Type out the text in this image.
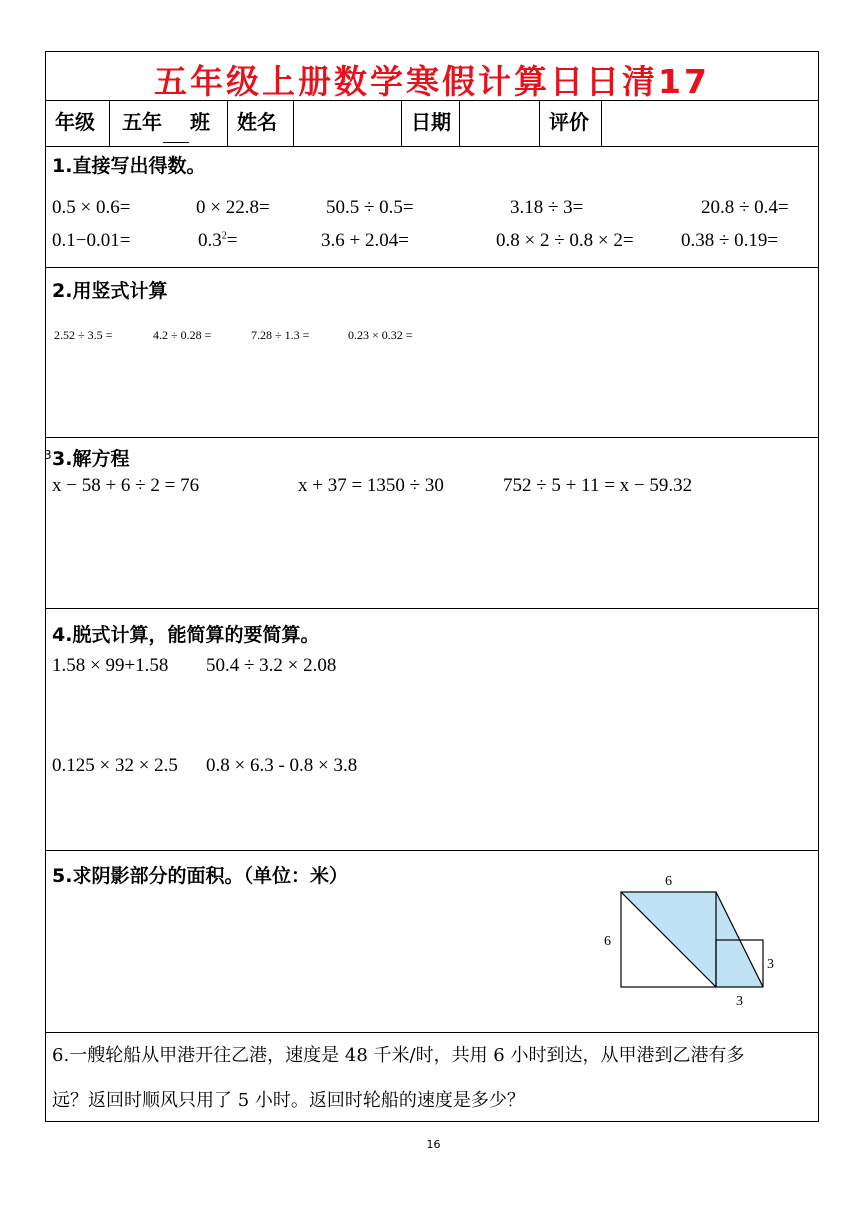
五年级上册数学寒假计算日日清17
年级	五年 班	姓名	日期	评价
1.直接写出得数。
0.5 × 0.6=	0 × 22.8=	50.5 ÷ 0.5=	3.18 ÷ 3=	20.8 ÷ 0.4=
0.1−0.01=	$0.3^2=$	3.6 + 2.04=	0.8 × 2 ÷ 0.8 × 2= 0.38 ÷ 0.19=
2.用竖式计算
2.52 ÷ 3.5 =	4.2 ÷ 0.28 =	7.28 ÷ 1.3 =	0.23 × 0.32 =
3.解方程
x − 58 + 6 ÷ 2 = 76	x + 37 = 1350 ÷ 30	752 ÷ 5 + 11 = x − 59.32
4.脱式计算，能简算的要简算。
1.58 × 99+1.58 50.4 ÷ 3.2 × 2.08
0.125 × 32 × 2.5 0.8 × 6.3 - 0.8 × 3.8
5.求阴影部分的面积。（单位：米）	6
6
3
3
6.一艘轮船从甲港开往乙港，速度是 48 千米/时，共用 6 小时到达，从甲港到乙港有多
远？返回时顺风只用了 5 小时。返回时轮船的速度是多少？
3
16
